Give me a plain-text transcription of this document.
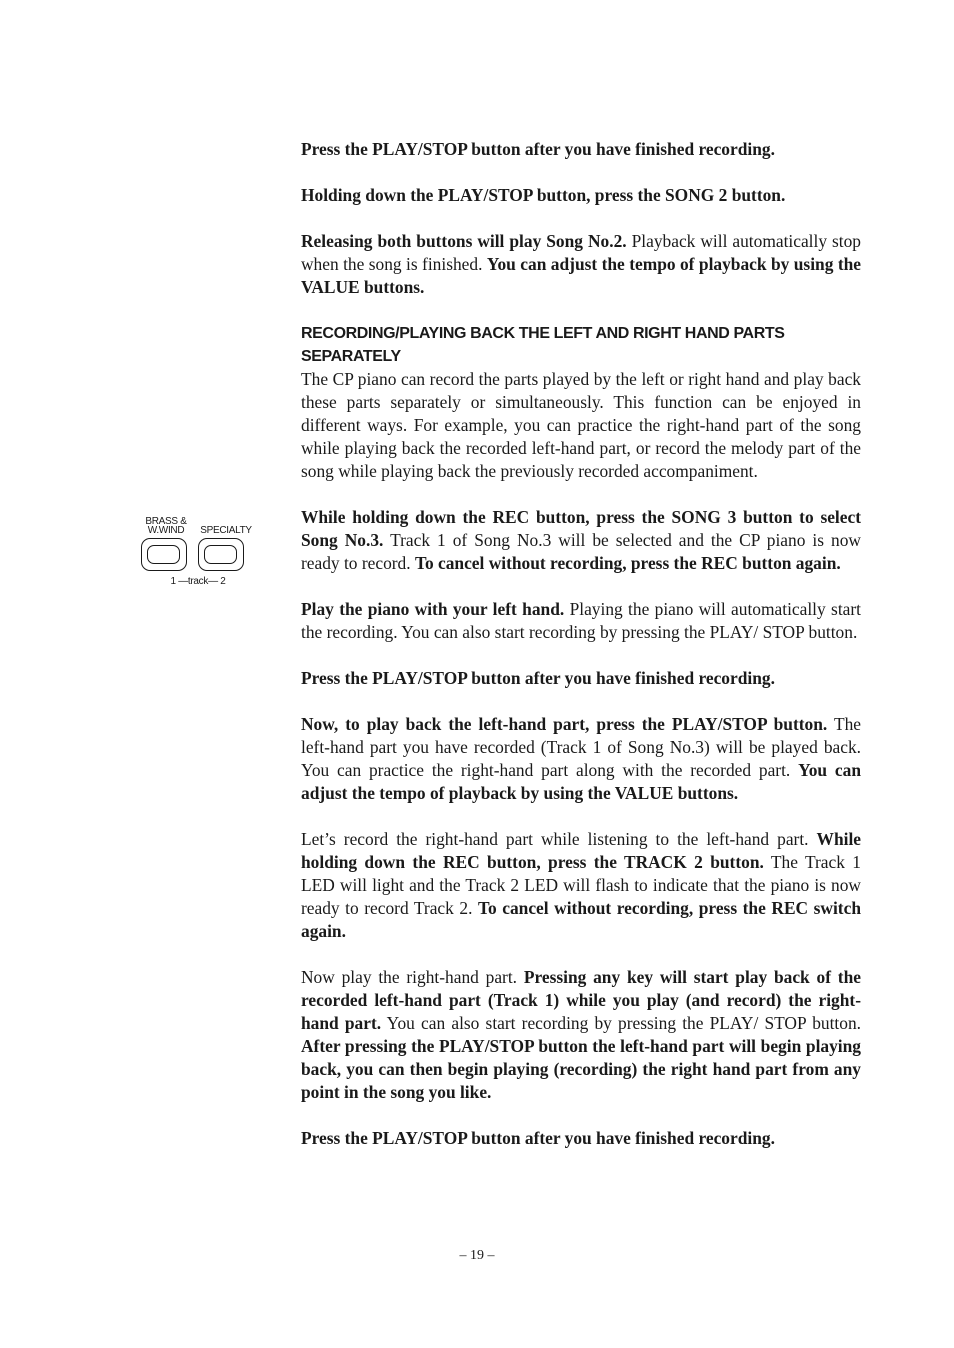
BRASS &
W.WIND	SPECIALTY
1 —track— 2

Press the PLAY/STOP button after you have finished recording.

Holding down the PLAY/STOP button, press the SONG 2 button.

Releasing both buttons will play Song No.2. Playback will automatically stop when the song is finished. You can adjust the tempo of playback by using the VALUE buttons.

RECORDING/PLAYING BACK THE LEFT AND RIGHT HAND PARTS SEPARATELY

The CP piano can record the parts played by the left or right hand and play back these parts separately or simultaneously. This function can be enjoyed in different ways. For example, you can practice the right-hand part of the song while playing back the recorded left-hand part, or record the melody part of the song while playing back the previously recorded accompaniment.

While holding down the REC button, press the SONG 3 button to select Song No.3. Track 1 of Song No.3 will be selected and the CP piano is now ready to record. To cancel without recording, press the REC button again.

Play the piano with your left hand. Playing the piano will automatically start the recording. You can also start recording by pressing the PLAY/ STOP button.

Press the PLAY/STOP button after you have finished recording.

Now, to play back the left-hand part, press the PLAY/STOP button. The left-hand part you have recorded (Track 1 of Song No.3) will be played back. You can practice the right-hand part along with the recorded part. You can adjust the tempo of playback by using the VALUE buttons.

Let’s record the right-hand part while listening to the left-hand part. While holding down the REC button, press the TRACK 2 button. The Track 1 LED will light and the Track 2 LED will flash to indicate that the piano is now ready to record Track 2. To cancel without recording, press the REC switch again.

Now play the right-hand part. Pressing any key will start play back of the recorded left-hand part (Track 1) while you play (and record) the right-hand part. You can also start recording by pressing the PLAY/ STOP button. After pressing the PLAY/STOP button the left-hand part will begin playing back, you can then begin playing (recording) the right hand part from any point in the song you like.

Press the PLAY/STOP button after you have finished recording.

– 19 –
